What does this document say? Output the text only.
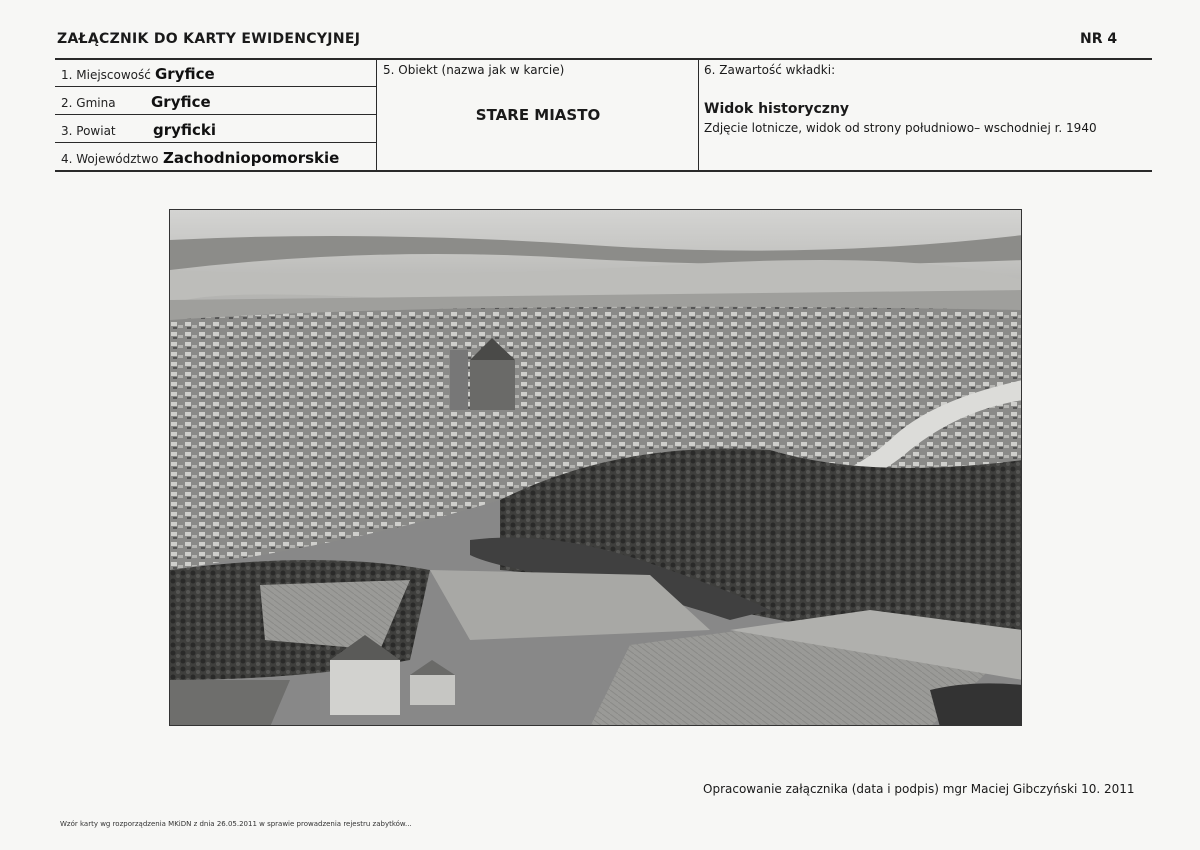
ZAŁĄCZNIK DO KARTY EWIDENCYJNEJ	NR 4
1. Miejscowość Gryfice
2. Gmina Gryfice
3. Powiat gryficki
4. Województwo Zachodniopomorskie
5. Obiekt (nazwa jak w karcie)
STARE MIASTO
6. Zawartość wkładki:
Widok historyczny
Zdjęcie lotnicze, widok od strony południowo– wschodniej r. 1940
Opracowanie załącznika (data i podpis) mgr Maciej Gibczyński 10. 2011
Wzór karty wg rozporządzenia MKiDN z dnia 26.05.2011 w sprawie prowadzenia rejestru zabytków...
